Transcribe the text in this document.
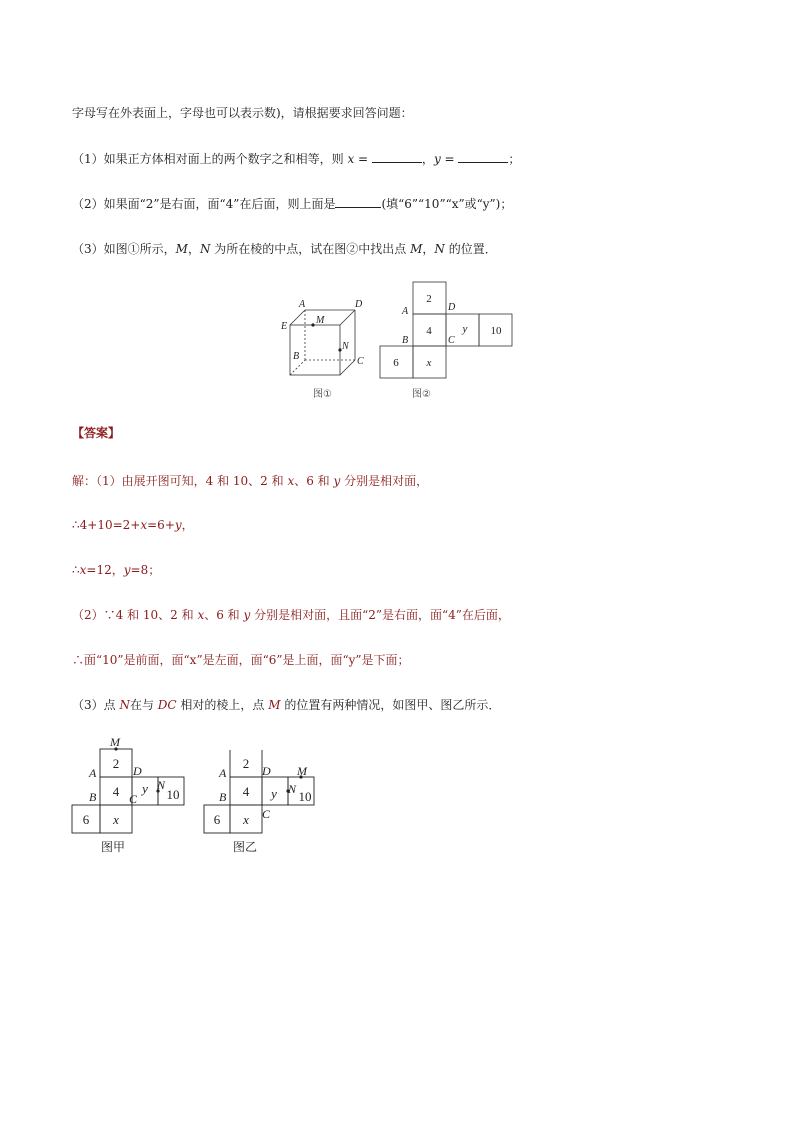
字母写在外表面上，字母也可以表示数)，请根据要求回答问题：
（1）如果正方体相对面上的两个数字之和相等，则 x =	，y =	；
（2）如果面“2”是右面，面“4”在后面，则上面是	(填“6”“10”“x”或“y”)；
（3）如图①所示，M，N 为所在棱的中点，试在图②中找出点 M，N 的位置．
A	D
E
M
B
N
C
图①
2
4	y 10
6	x
A	D
B	C
图②
【答案】
解：（1）由展开图可知，4 和 10、2 和 x、6 和 y 分别是相对面，
∴4+10=2+x=6+y，
∴x=12，y=8；
（2）∵4 和 10、2 和 x、6 和 y 分别是相对面，且面“2”是右面，面“4”在后面，
∴面“10”是前面，面“x”是左面，面“6”是上面，面“y”是下面；
（3）点 N在与 DC 相对的棱上，点 M 的位置有两种情况，如图甲、图乙所示．
2
4 y 10
6 x
M
A	D
N
B	C
图甲
2
4 y 10
6 x
A	D M
N
B
C
图乙
